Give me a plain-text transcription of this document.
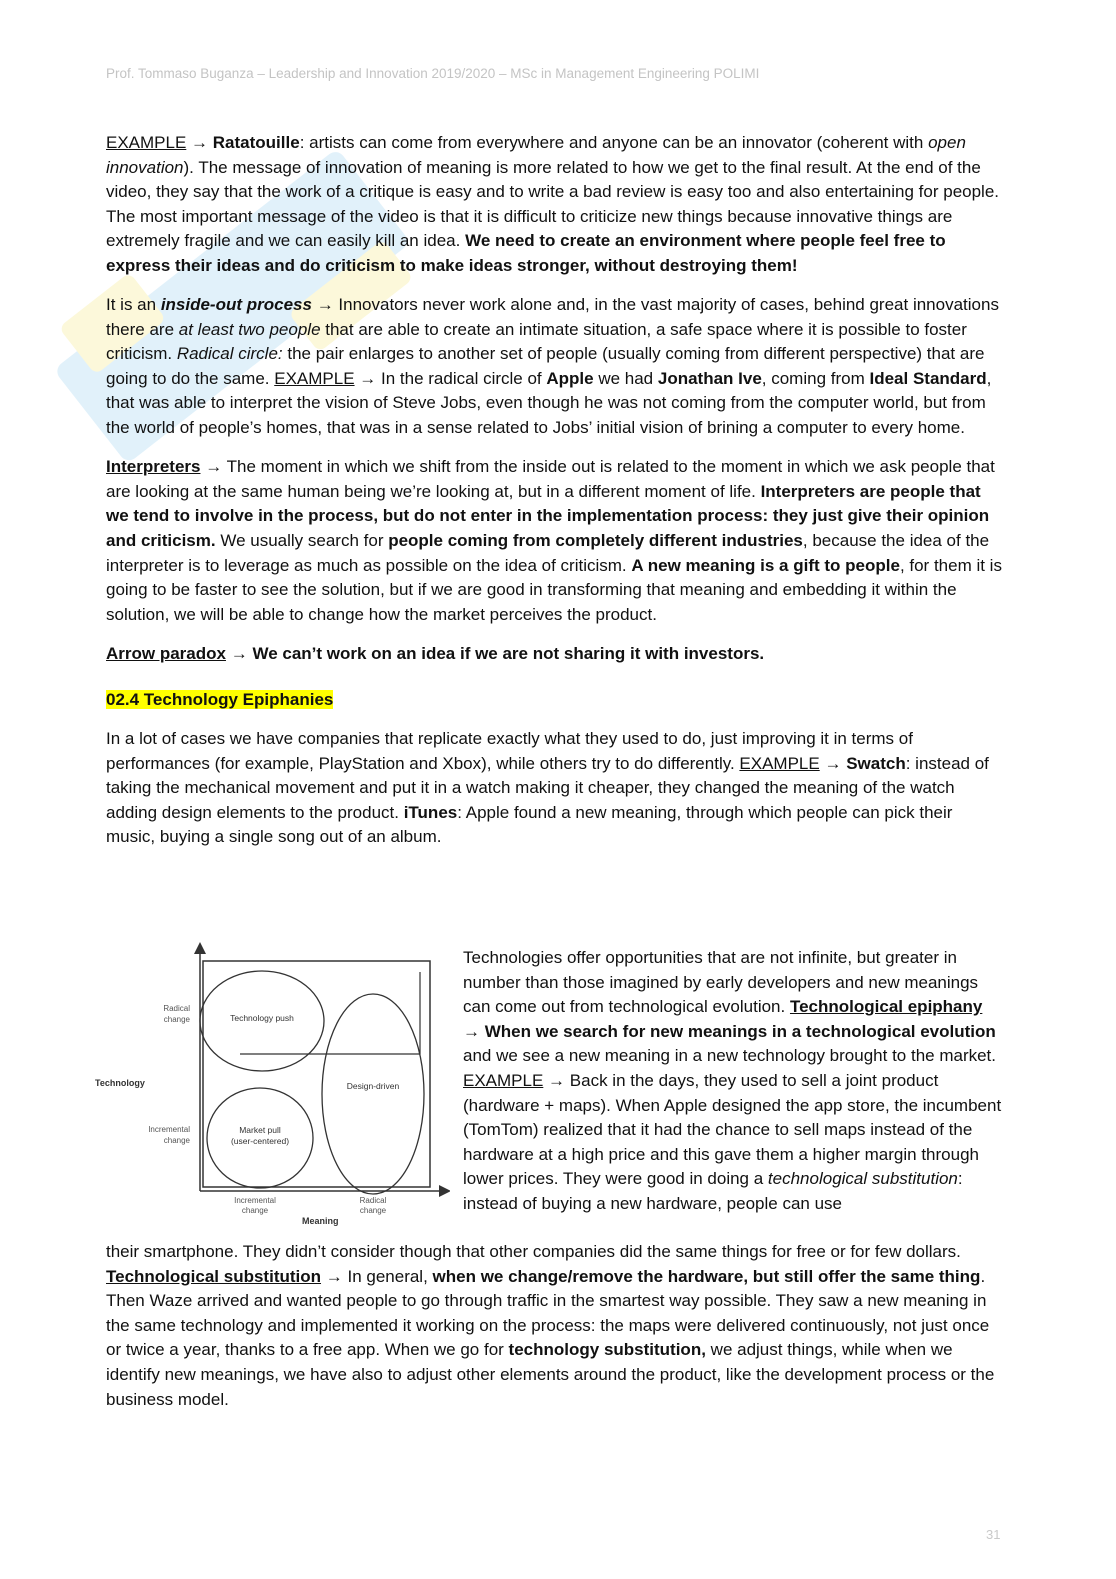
Prof. Tommaso Buganza – Leadership and Innovation 2019/2020 – MSc in Management Engineering POLIMI

EXAMPLE → Ratatouille: artists can come from everywhere and anyone can be an innovator (coherent with open innovation). The message of innovation of meaning is more related to how we get to the final result. At the end of the video, they say that the work of a critique is easy and to write a bad review is easy too and also entertaining for people. The most important message of the video is that it is difficult to criticize new things because innovative things are extremely fragile and we can easily kill an idea. We need to create an environment where people feel free to express their ideas and do criticism to make ideas stronger, without destroying them!

It is an inside-out process → Innovators never work alone and, in the vast majority of cases, behind great innovations there are at least two people that are able to create an intimate situation, a safe space where it is possible to foster criticism. Radical circle: the pair enlarges to another set of people (usually coming from different perspective) that are going to do the same. EXAMPLE → In the radical circle of Apple we had Jonathan Ive, coming from Ideal Standard, that was able to interpret the vision of Steve Jobs, even though he was not coming from the computer world, but from the world of people’s homes, that was in a sense related to Jobs’ initial vision of brining a computer to every home.

Interpreters → The moment in which we shift from the inside out is related to the moment in which we ask people that are looking at the same human being we’re looking at, but in a different moment of life. Interpreters are people that we tend to involve in the process, but do not enter in the implementation process: they just give their opinion and criticism. We usually search for people coming from completely different industries, because the idea of the interpreter is to leverage as much as possible on the idea of criticism. A new meaning is a gift to people, for them it is going to be faster to see the solution, but if we are good in transforming that meaning and embedding it within the solution, we will be able to change how the market perceives the product.

Arrow paradox → We can’t work on an idea if we are not sharing it with investors.

02.4 Technology Epiphanies

In a lot of cases we have companies that replicate exactly what they used to do, just improving it in terms of performances (for example, PlayStation and Xbox), while others try to do differently. EXAMPLE → Swatch: instead of taking the mechanical movement and put it in a watch making it cheaper, they changed the meaning of the watch adding design elements to the product. iTunes: Apple found a new meaning, through which people can pick their music, buying a single song out of an album.

Technology
Meaning
Radical
change
Incremental
change
Incremental
change
Radical
change
Technology push
Market pull
(user-centered)
Design-driven
Technologies offer opportunities that are not infinite, but greater in number than those imagined by early developers and new meanings can come out from technological evolution. Technological epiphany → When we search for new meanings in a technological evolution and we see a new meaning in a new technology brought to the market. EXAMPLE → Back in the days, they used to sell a joint product (hardware + maps). When Apple designed the app store, the incumbent (TomTom) realized that it had the chance to sell maps instead of the hardware at a high price and this gave them a higher margin through lower prices. They were good in doing a technological substitution: instead of buying a new hardware, people can use
their smartphone. They didn’t consider though that other companies did the same things for free or for few dollars. Technological substitution → In general, when we change/remove the hardware, but still offer the same thing. Then Waze arrived and wanted people to go through traffic in the smartest way possible. They saw a new meaning in the same technology and implemented it working on the process: the maps were delivered continuously, not just once or twice a year, thanks to a free app. When we go for technology substitution, we adjust things, while when we identify new meanings, we have also to adjust other elements around the product, like the development process or the business model.
31
